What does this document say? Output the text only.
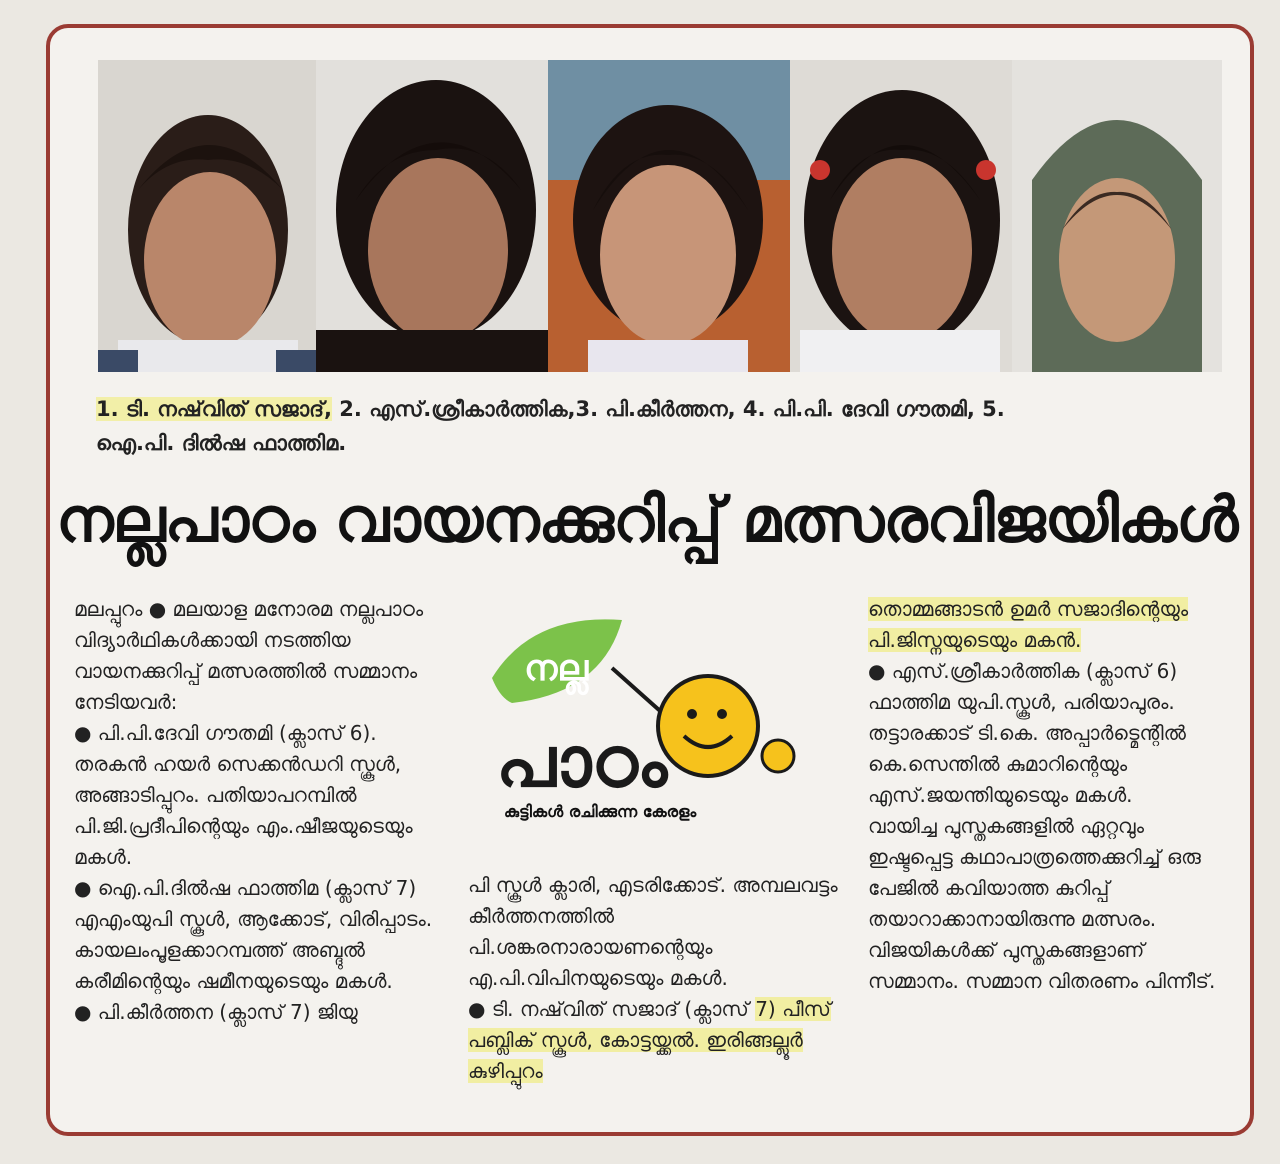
1. ടി. നഷ്‌വിത് സജാദ്, 2. എസ്.ശ്രീകാർത്തിക,3. പി.കീർത്തന, 4. പി.പി. ദേവി ഗൗതമി, 5.
ഐ.പി. ദിൽഷ ഫാത്തിമ.
നല്ലപാഠം വായനക്കുറിപ്പ് മത്സരവിജയികൾ

മലപ്പുറം ● മലയാള മനോരമ നല്ലപാഠം വിദ്യാർഥികൾക്കായി നടത്തിയ വായനക്കുറിപ്പ് മത്സരത്തിൽ സമ്മാനം നേടിയവർ:

● പി.പി.ദേവി ഗൗതമി (ക്ലാസ് 6). തരകൻ ഹയർ സെക്കൻഡറി സ്കൂൾ, അങ്ങാടിപ്പുറം. പതിയാപറമ്പിൽ പി.ജി.പ്രദീപിന്റെയും എം.ഷീജയുടെയും മകൾ.

● ഐ.പി.ദിൽഷ ഫാത്തിമ (ക്ലാസ് 7) എഎംയുപി സ്കൂൾ, ആക്കോട്, വിരിപ്പാടം. കായലംപൂളക്കാറമ്പത്ത് അബ്ദുൽ കരീമിന്റെയും ഷമീനയുടെയും മകൾ.

● പി.കീർത്തന (ക്ലാസ് 7) ജിയു

നല്ല
പാഠം
കുട്ടികൾ രചിക്കുന്ന കേരളം

പി സ്കൂൾ ക്ലാരി, എടരിക്കോട്. അമ്പലവട്ടം കീർത്തനത്തിൽ പി.ശങ്കരനാരായണന്റെയും എ.പി.വിപിനയുടെയും മകൾ.

● ടി. നഷ്‌വിത് സജാദ് (ക്ലാസ് 7) പീസ് പബ്ലിക് സ്കൂൾ, കോട്ടയ്ക്കൽ. ഇരിങ്ങല്ലൂർ കുഴിപ്പുറം

തൊമ്മങ്ങാടൻ ഉമർ സജാദിന്റെയും പി.ജിസ്നയുടെയും മകൻ.

● എസ്.ശ്രീകാർത്തിക (ക്ലാസ് 6) ഫാത്തിമ യുപി.സ്കൂൾ, പരിയാപുരം. തട്ടാരക്കാട് ടി.കെ. അപ്പാർട്മെന്റിൽ കെ.സെന്തിൽ കുമാറിന്റെയും എസ്.ജയന്തിയുടെയും മകൾ.

വായിച്ച പുസ്തകങ്ങളിൽ ഏറ്റവും ഇഷ്ടപ്പെട്ട കഥാപാത്രത്തെക്കുറിച്ച് ഒരു പേജിൽ കവിയാത്ത കുറിപ്പ് തയാറാക്കാനായിരുന്നു മത്സരം. വിജയികൾക്ക് പുസ്തകങ്ങളാണ് സമ്മാനം. സമ്മാന വിതരണം പിന്നീട്.
